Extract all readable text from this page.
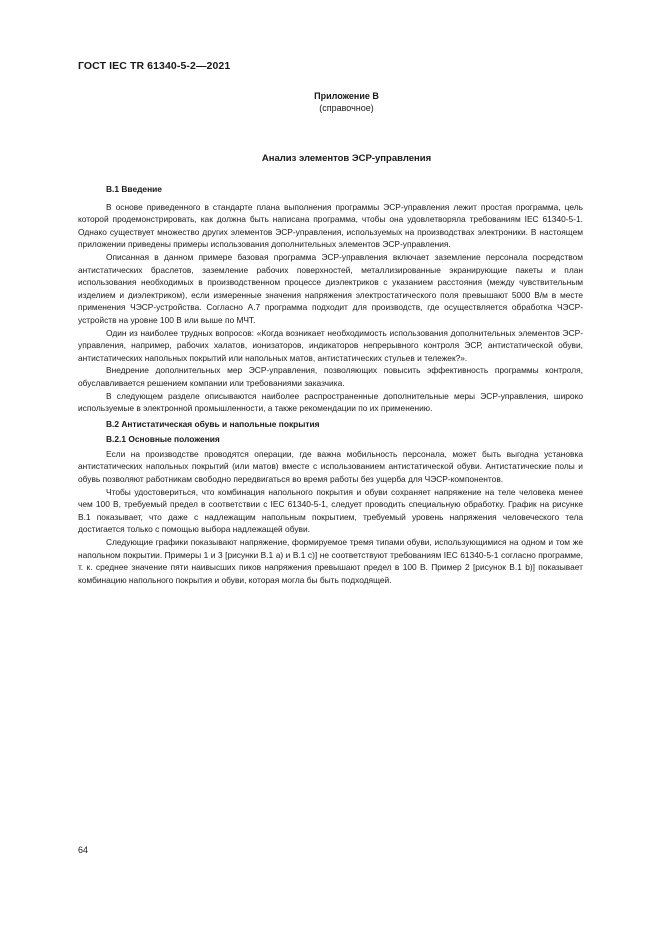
ГОСТ IEC TR 61340-5-2—2021
Приложение В
(справочное)
Анализ элементов ЭСР-управления
В.1 Введение

В основе приведенного в стандарте плана выполнения программы ЭСР-управления лежит простая программа, цель которой продемонстрировать, как должна быть написана программа, чтобы она удовлетворяла требованиям IEC 61340-5-1. Однако существует множество других элементов ЭСР-управления, используемых на производствах электроники. В настоящем приложении приведены примеры использования дополнительных элементов ЭСР-управления.

Описанная в данном примере базовая программа ЭСР-управления включает заземление персонала посредством антистатических браслетов, заземление рабочих поверхностей, металлизированные экранирующие пакеты и план использования необходимых в производственном процессе диэлектриков с указанием расстояния (между чувствительным изделием и диэлектриком), если измеренные значения напряжения электростатического поля превышают 5000 В/м в месте применения ЧЭСР-устройства. Согласно А.7 программа подходит для производств, где осуществляется обработка ЧЭСР-устройств на уровне 100 В или выше по МЧТ.

Один из наиболее трудных вопросов: «Когда возникает необходимость использования дополнительных элементов ЭСР-управления, например, рабочих халатов, ионизаторов, индикаторов непрерывного контроля ЭСР, антистатической обуви, антистатических напольных покрытий или напольных матов, антистатических стульев и тележек?».

Внедрение дополнительных мер ЭСР-управления, позволяющих повысить эффективность программы контроля, обуславливается решением компании или требованиями заказчика.

В следующем разделе описываются наиболее распространенные дополнительные меры ЭСР-управления, широко используемые в электронной промышленности, а также рекомендации по их применению.

В.2 Антистатическая обувь и напольные покрытия
В.2.1 Основные положения

Если на производстве проводятся операции, где важна мобильность персонала, может быть выгодна установка антистатических напольных покрытий (или матов) вместе с использованием антистатической обуви. Антистатические полы и обувь позволяют работникам свободно передвигаться во время работы без ущерба для ЧЭСР-компонентов.

Чтобы удостовериться, что комбинация напольного покрытия и обуви сохраняет напряжение на теле человека менее чем 100 В, требуемый предел в соответствии с IEC 61340-5-1, следует проводить специальную обработку. График на рисунке В.1 показывает, что даже с надлежащим напольным покрытием, требуемый уровень напряжения человеческого тела достигается только с помощью выбора надлежащей обуви.

Следующие графики показывают напряжение, формируемое тремя типами обуви, использующимися на одном и том же напольном покрытии. Примеры 1 и 3 [рисунки В.1 а) и В.1 с)] не соответствуют требованиям IEC 61340-5-1 согласно программе, т. к. среднее значение пяти наивысших пиков напряжения превышают предел в 100 В. Пример 2 [рисунок В.1 b)] показывает комбинацию напольного покрытия и обуви, которая могла бы быть подходящей.

64
